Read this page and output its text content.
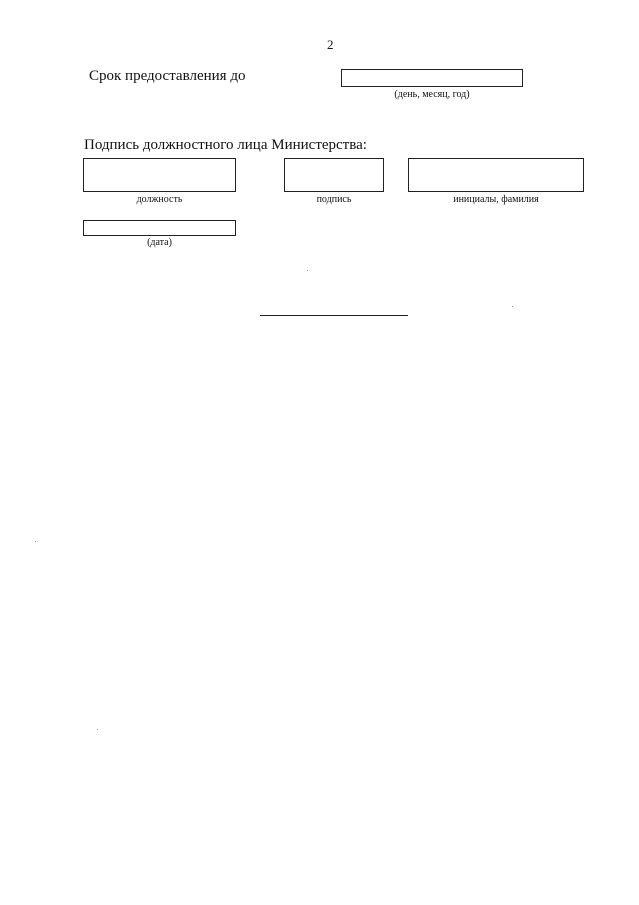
2
Срок предоставления до
(день, месяц, год)
Подпись должностного лица Министерства:
должность	подпись	инициалы, фамилия
(дата)
